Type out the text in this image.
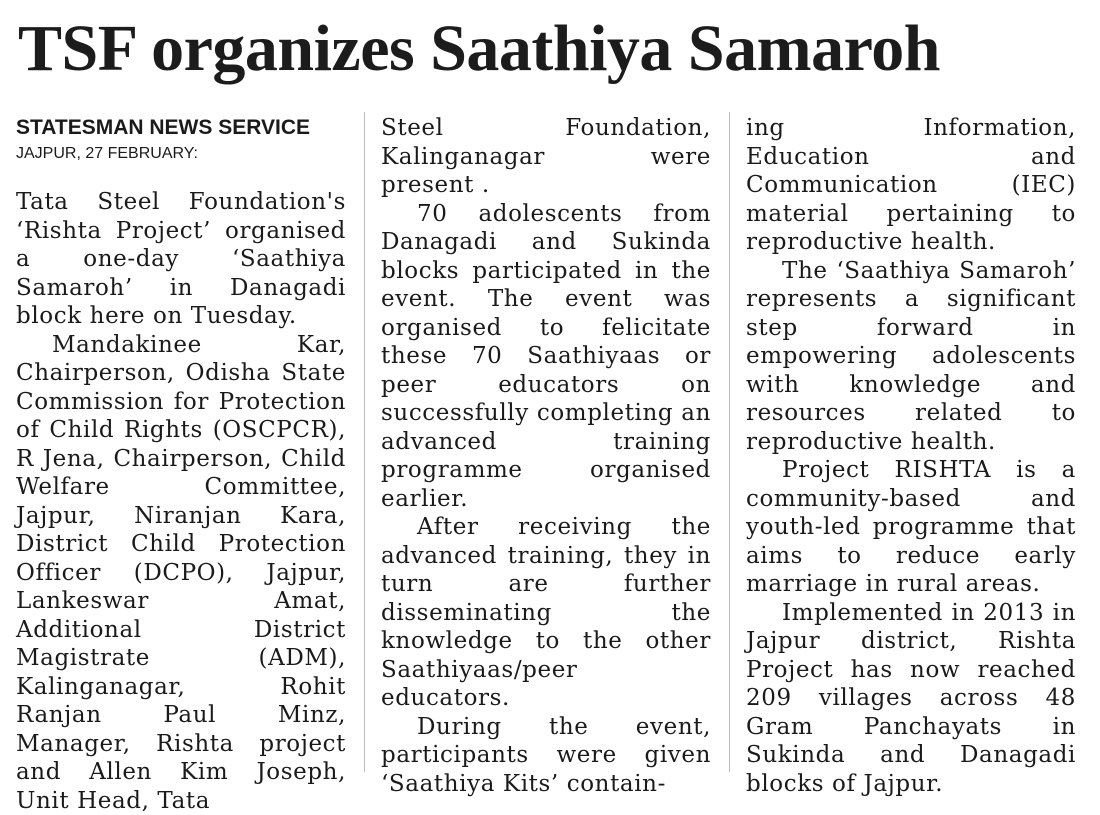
TSF organizes Saathiya Samaroh
STATESMAN NEWS SERVICE
JAJPUR, 27 FEBRUARY:

Tata Steel Foundation's ‘Rishta Project’ organised a one-day ‘Saathiya Samaroh’ in Danagadi block here on Tuesday.

Mandakinee Kar, Chairperson, Odisha State Commission for Protection of Child Rights (OSCPCR), R Jena, Chairperson, Child Welfare Committee, Jajpur, Niranjan Kara, District Child Protection Officer (DCPO), Jajpur, Lankeswar Amat, Additional District Magistrate (ADM), Kalinganagar, Rohit Ranjan Paul Minz, Manager, Rishta project and Allen Kim Joseph, Unit Head, Tata

Steel Foundation, Kalinganagar were present .

70 adolescents from Danagadi and Sukinda blocks participated in the event. The event was organised to felicitate these 70 Saathiyaas or peer educators on successfully completing an advanced training programme organised earlier.

After receiving the advanced training, they in turn are further disseminating the knowledge to the other Saathiyaas/peer educators.

During the event, participants were given ‘Saathiya Kits’ contain-

ing Information, Education and Communication (IEC) material pertaining to reproductive health.

The ‘Saathiya Samaroh’ represents a significant step forward in empowering adolescents with knowledge and resources related to reproductive health.

Project RISHTA is a community-based and youth-led programme that aims to reduce early marriage in rural areas.

Implemented in 2013 in Jajpur district, Rishta Project has now reached 209 villages across 48 Gram Panchayats in Sukinda and Danagadi blocks of Jajpur.
